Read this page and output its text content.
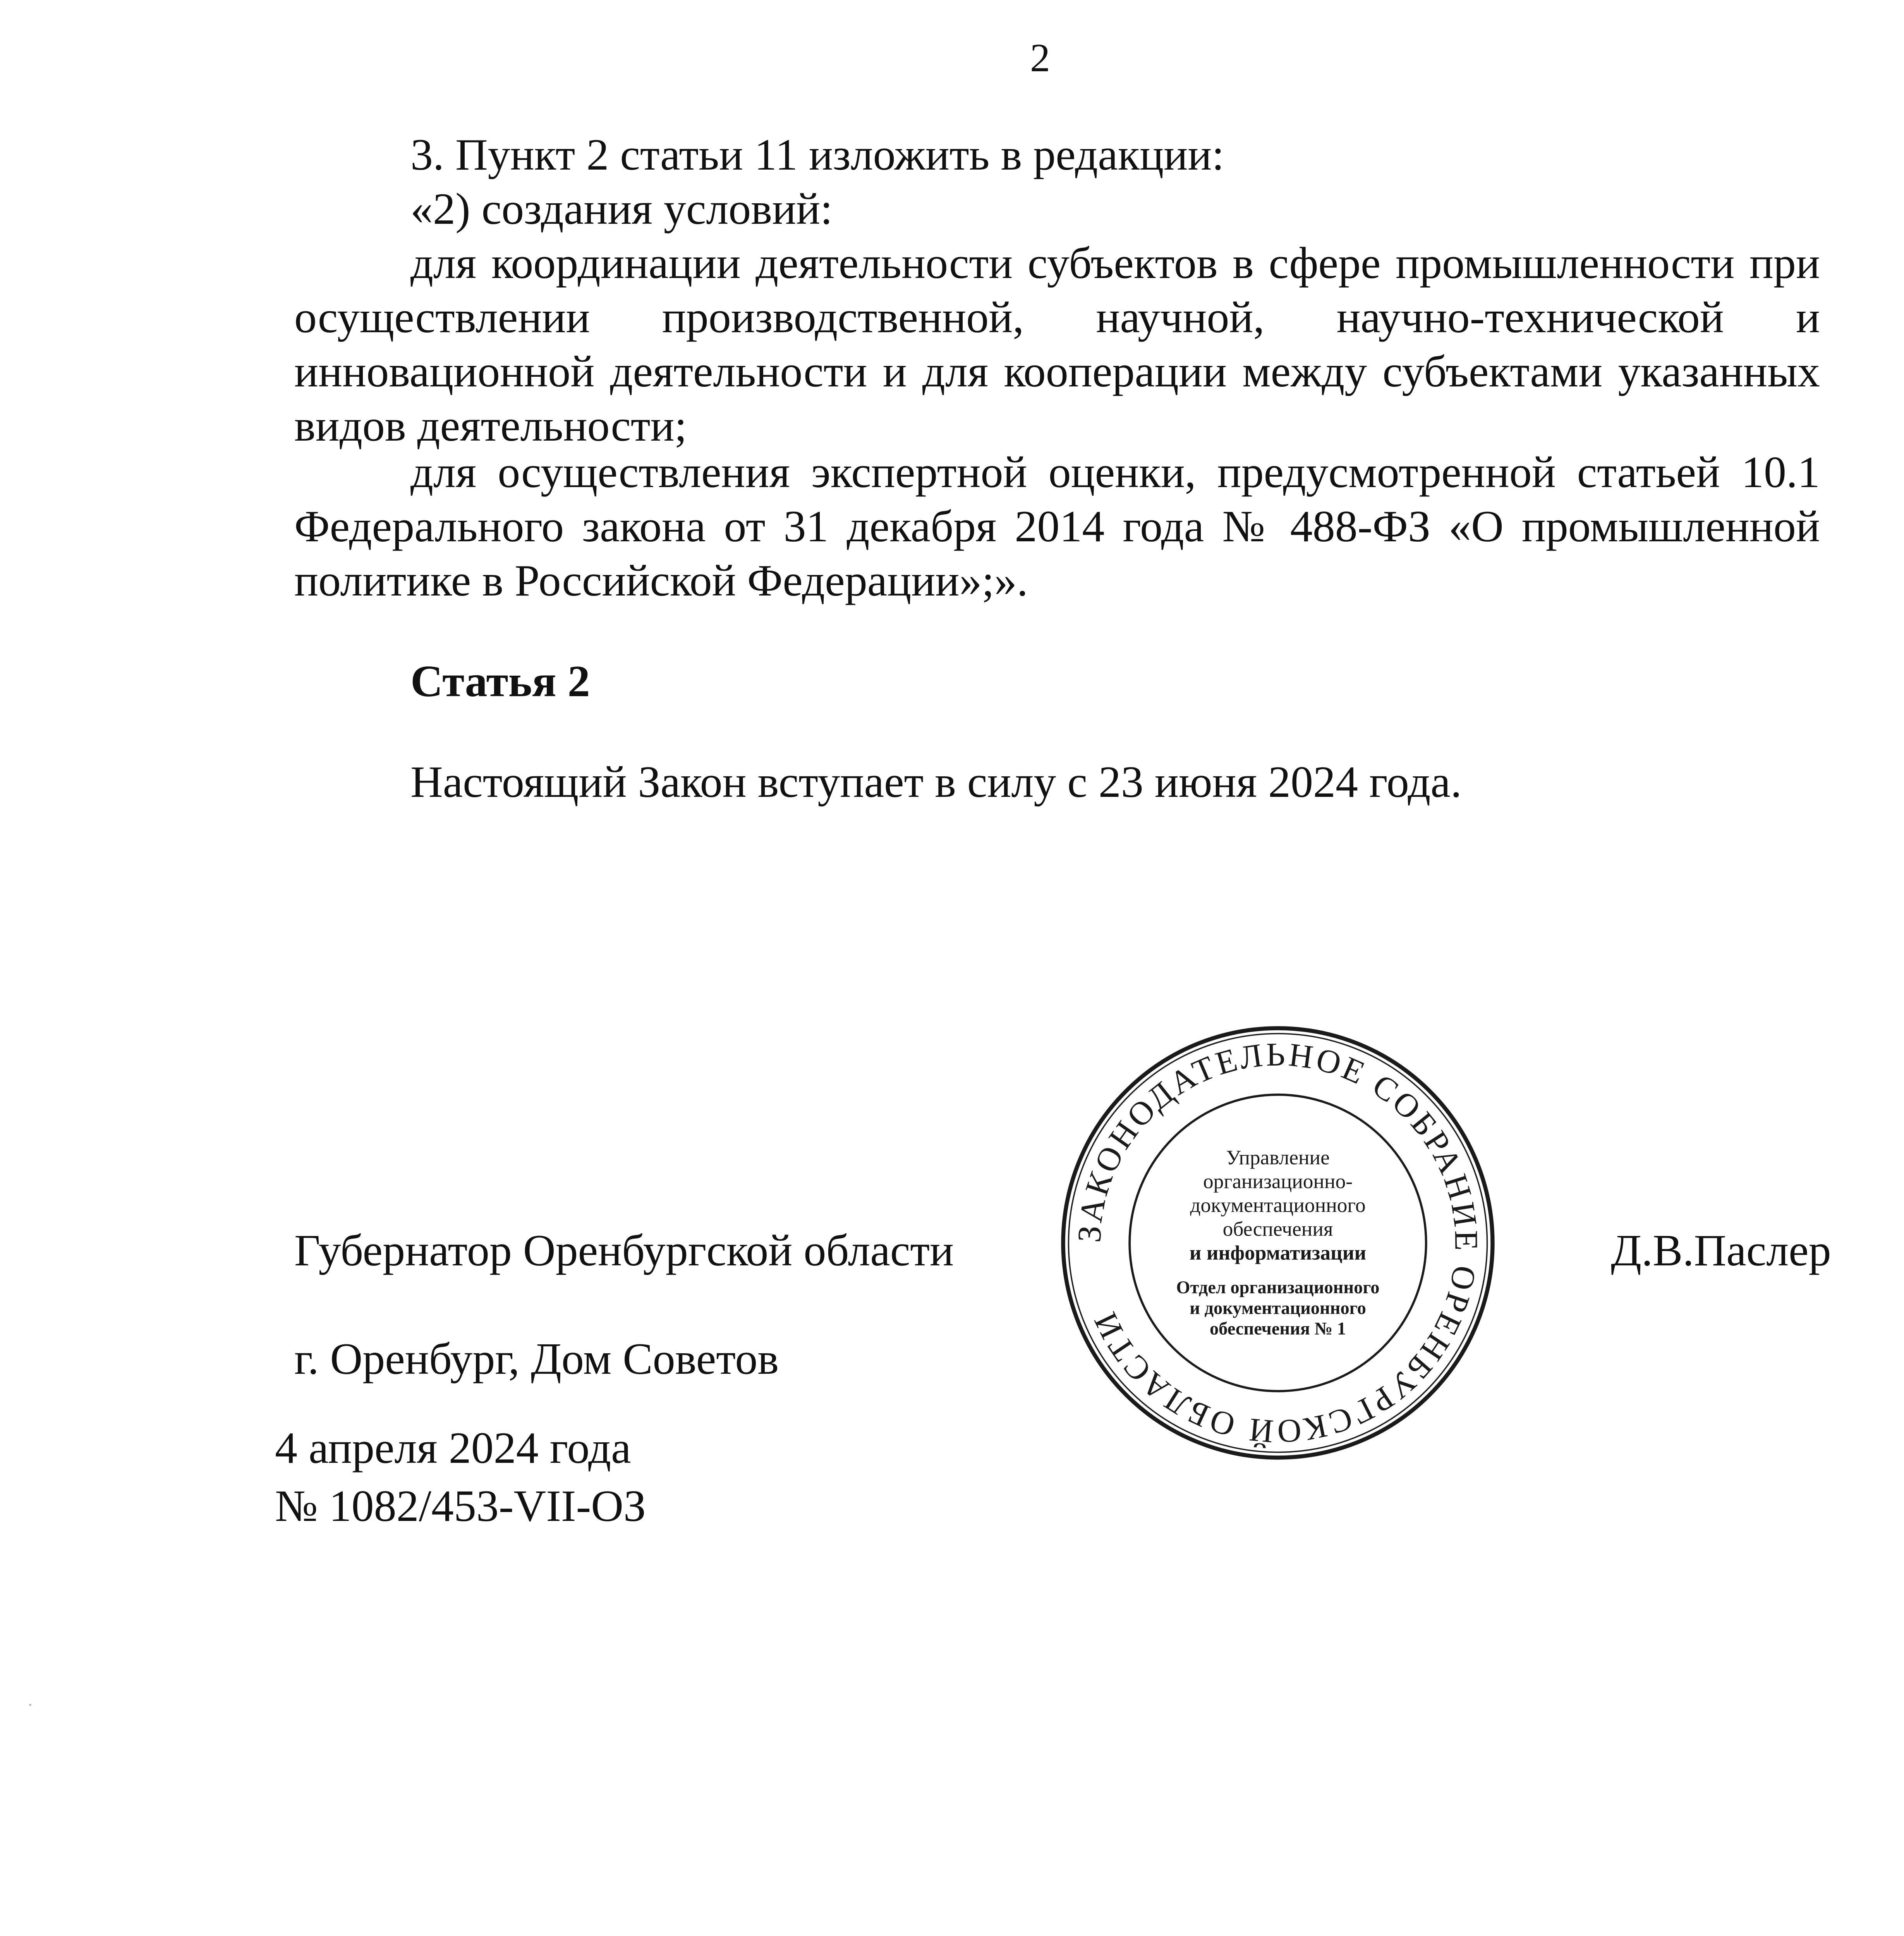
2

3. Пункт 2 статьи 11 изложить в редакции:

«2) создания условий:

для координации деятельности субъектов в сфере промышленности при осуществлении производственной, научной, научно-технической и инновационной деятельности и для кооперации между субъектами указанных видов деятельности;

для осуществления экспертной оценки, предусмотренной статьей 10.1 Федерального закона от 31 декабря 2014 года № 488-ФЗ «О промышленной политике в Российской Федерации»;».

Статья 2

Настоящий Закон вступает в силу с 23 июня 2024 года.

Губернатор Оренбургской области	Д.В.Паслер

г. Оренбург, Дом Советов

4 апреля 2024 года

№ 1082/453-VII-ОЗ

ЗАКОНОДАТЕЛЬНОЕ СОБРАНИЕ ОРЕНБУРГСКОЙ ОБЛАСТИ
Управление
организационно-
документационного
обеспечения
и информатизации
Отдел организационного
и документационного
обеспечения № 1
